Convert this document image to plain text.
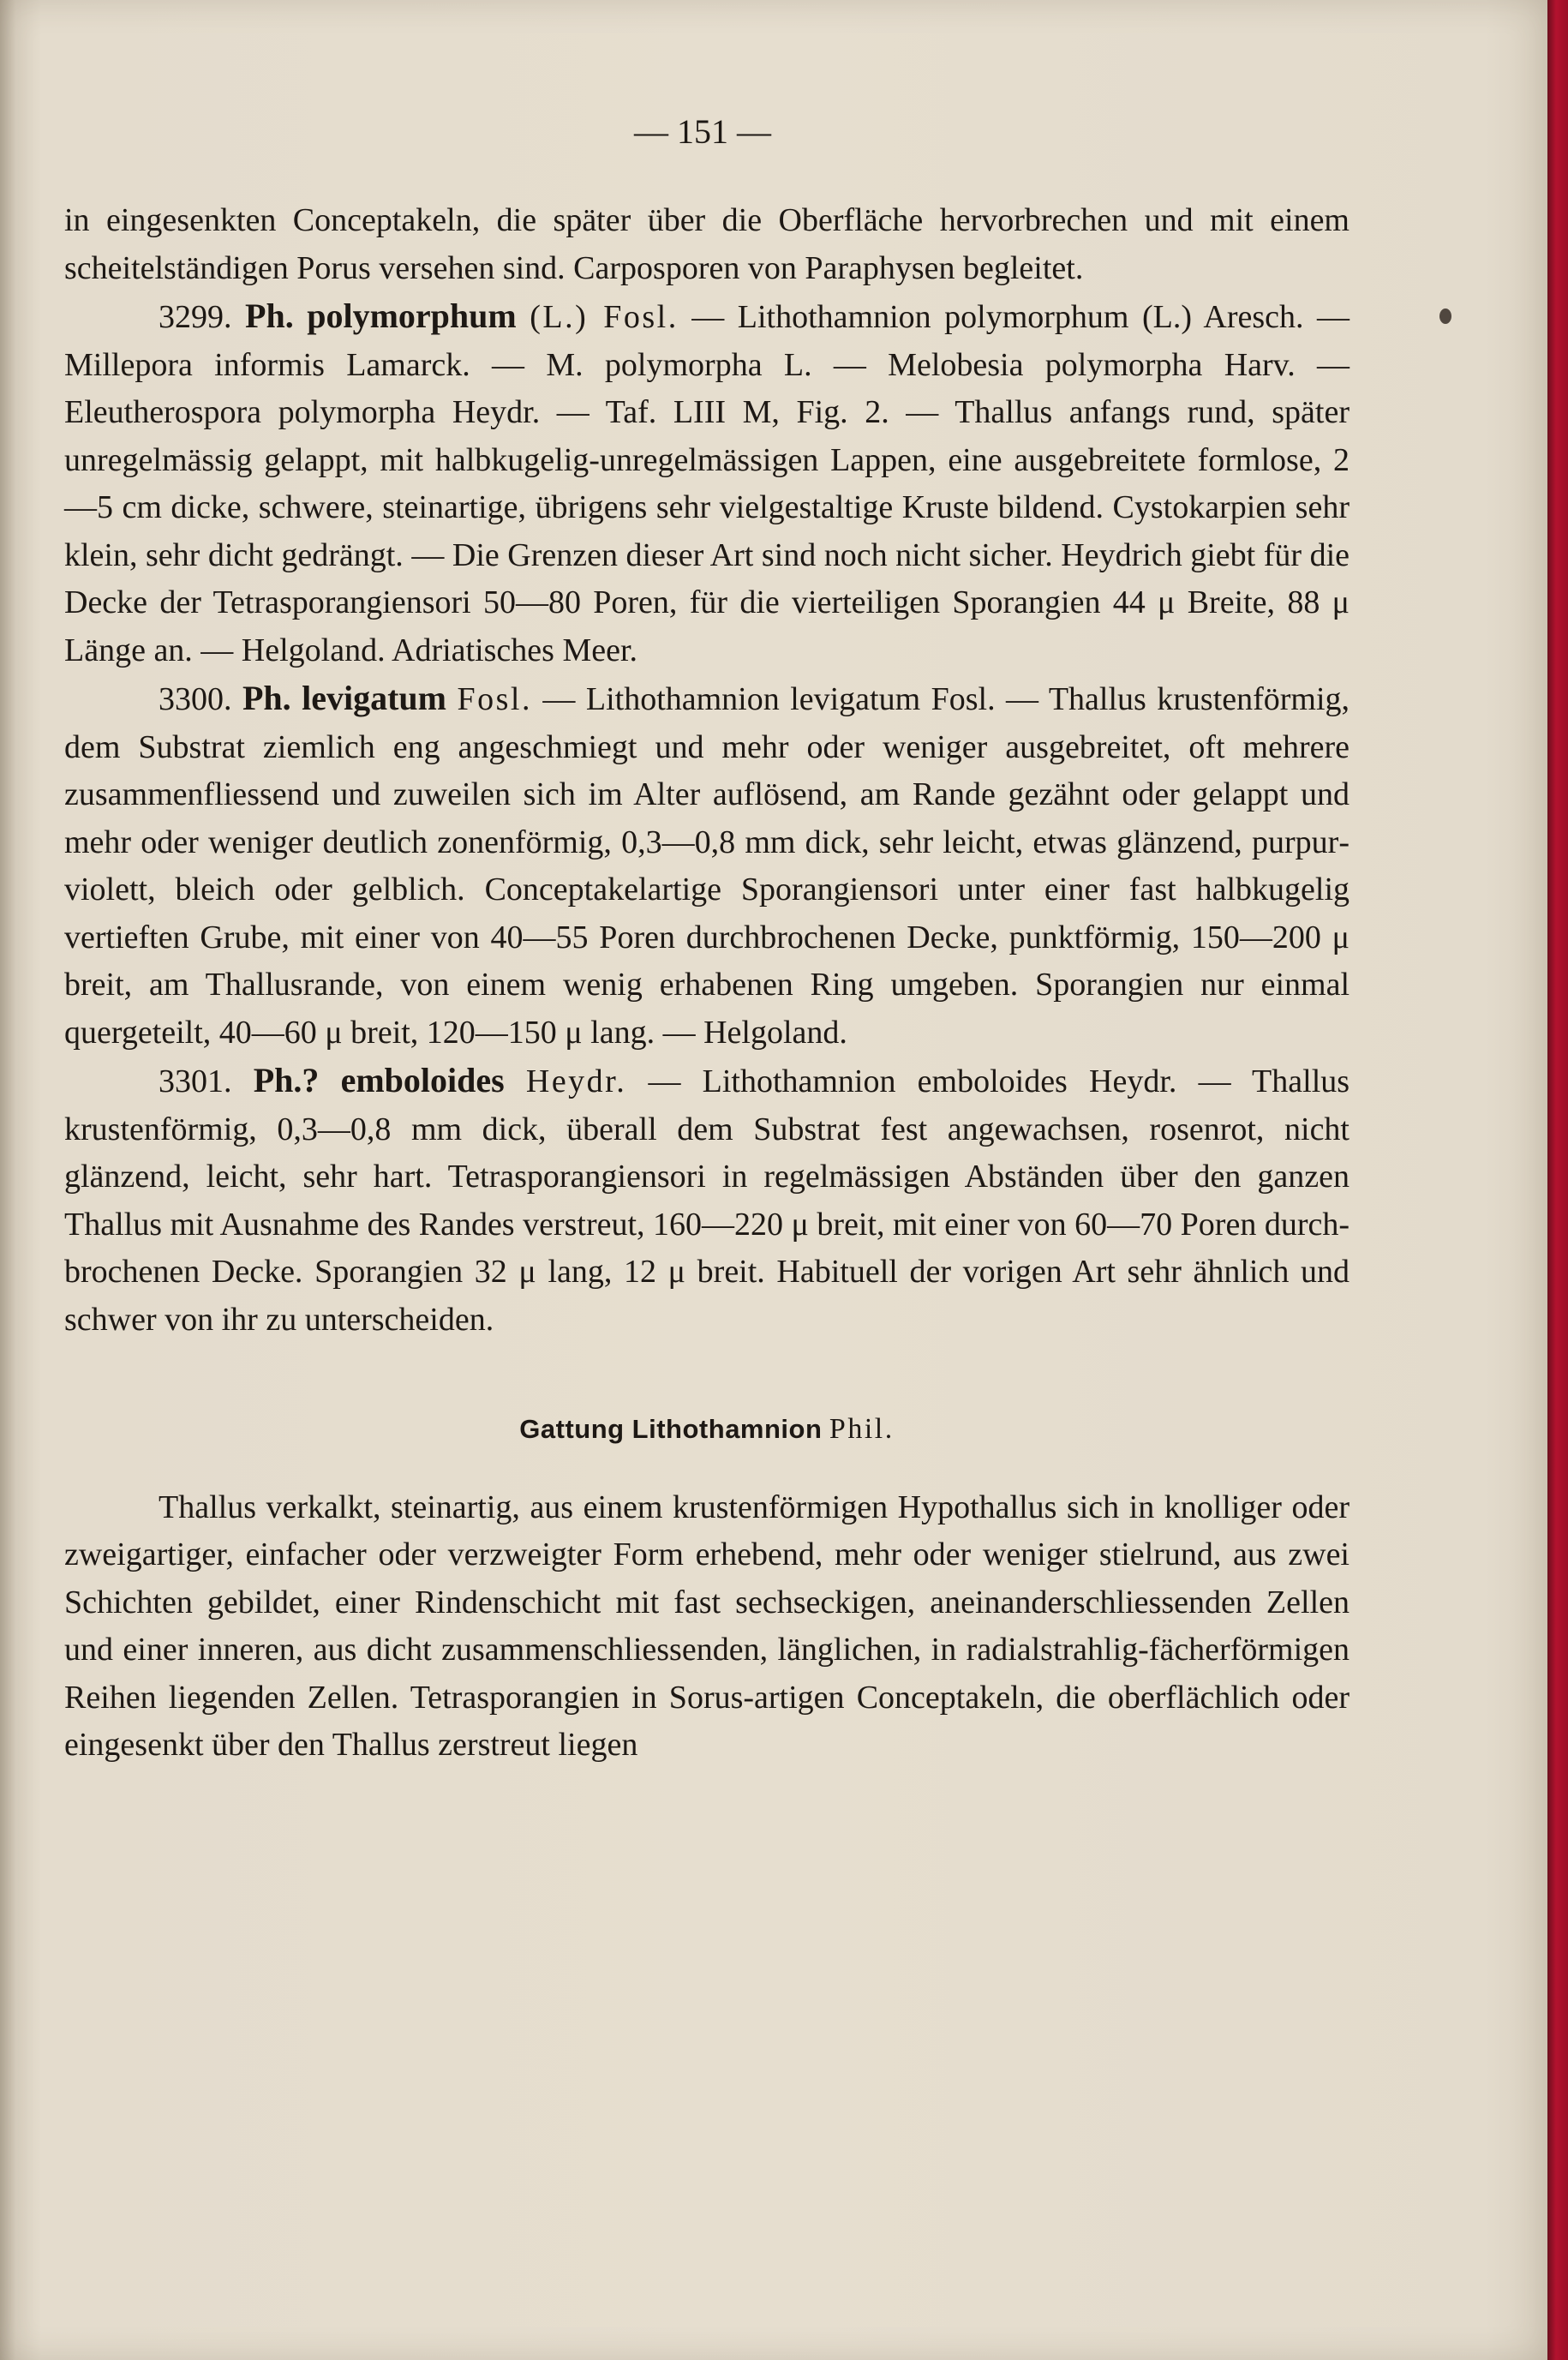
— 151 —

in eingesenkten Conceptakeln, die später über die Oberfläche hervorbrechen und mit einem scheitelständigen Porus versehen sind. Carposporen von Paraphysen begleitet.

3299. Ph. polymorphum (L.) Fosl. — Lithothamnion polymorphum (L.) Aresch. — Millepora informis Lamarck. — M. polymorpha L. — Melobesia polymorpha Harv. — Eleutherospora polymorpha Heydr. — Taf. LIII M, Fig. 2. — Thallus anfangs rund, später unregelmässig gelappt, mit halbkugelig-unregelmässigen Lappen, eine ausgebreitete formlose, 2—5 cm dicke, schwere, steinartige, übrigens sehr vielgestaltige Kruste bildend. Cystokarpien sehr klein, sehr dicht gedrängt. — Die Grenzen dieser Art sind noch nicht sicher. Heydrich giebt für die Decke der Tetrasporangiensori 50—80 Poren, für die vierteiligen Sporangien 44 μ Breite, 88 μ Länge an. — Helgoland. Adriatisches Meer.

3300. Ph. levigatum Fosl. — Lithothamnion levigatum Fosl. — Thallus krustenförmig, dem Substrat ziemlich eng angeschmiegt und mehr oder weniger ausgebreitet, oft mehrere zusammenfliessend und zuweilen sich im Alter auflösend, am Rande gezähnt oder gelappt und mehr oder weniger deutlich zonenförmig, 0,3—0,8 mm dick, sehr leicht, etwas glänzend, purpurviolett, bleich oder gelblich. Conceptakelartige Sporangiensori unter einer fast halbkugelig vertieften Grube, mit einer von 40—55 Poren durchbrochenen Decke, punktförmig, 150—200 μ breit, am Thallusrande, von einem wenig erhabenen Ring umgeben. Sporangien nur einmal quergeteilt, 40—60 μ breit, 120—150 μ lang. — Helgoland.

3301. Ph.? emboloides Heydr. — Lithothamnion emboloides Heydr. — Thallus krustenförmig, 0,3—0,8 mm dick, überall dem Substrat fest angewachsen, rosenrot, nicht glänzend, leicht, sehr hart. Tetrasporangiensori in regelmässigen Abständen über den ganzen Thallus mit Ausnahme des Randes verstreut, 160—220 μ breit, mit einer von 60—70 Poren durchbrochenen Decke. Sporangien 32 μ lang, 12 μ breit. Habituell der vorigen Art sehr ähnlich und schwer von ihr zu unterscheiden.

Gattung Lithothamnion Phil.

Thallus verkalkt, steinartig, aus einem krustenförmigen Hypothallus sich in knolliger oder zweigartiger, einfacher oder verzweigter Form erhebend, mehr oder weniger stielrund, aus zwei Schichten gebildet, einer Rindenschicht mit fast sechseckigen, aneinanderschliessenden Zellen und einer inneren, aus dicht zusammenschliessenden, länglichen, in radialstrahlig-fächerförmigen Reihen liegenden Zellen. Tetrasporangien in Sorus-artigen Conceptakeln, die oberflächlich oder eingesenkt über den Thallus zerstreut liegen
